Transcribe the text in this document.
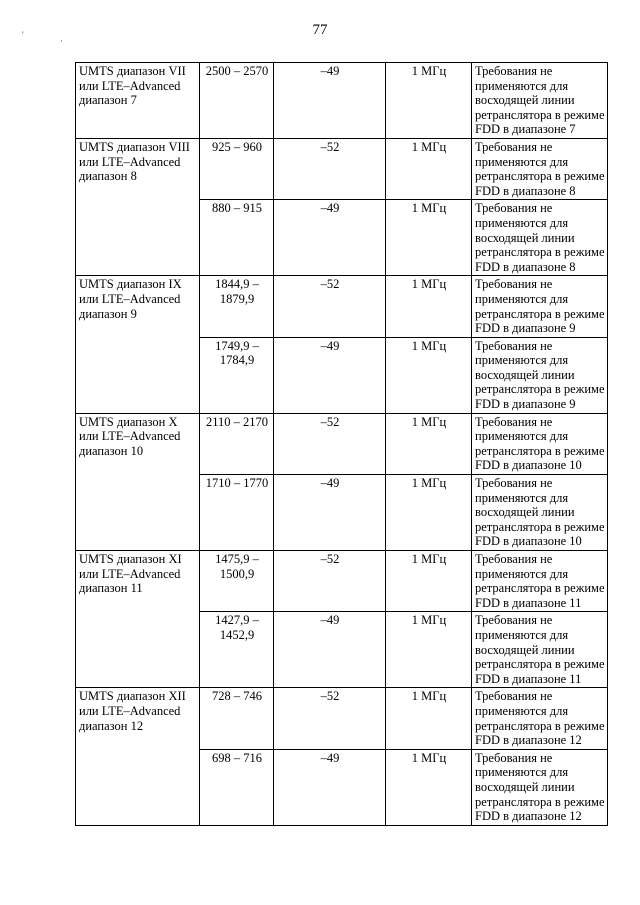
'
·
77
UMTS диапазон VII или LTE–Advanced диапазон 7	2500 – 2570	–49	1 МГц	Требования не применяются для восходящей линии ретранслятора в режиме FDD в диапазоне 7
UMTS диапазон VIII или LTE–Advanced диапазон 8	925 – 960	–52	1 МГц	Требования не применяются для ретранслятора в режиме FDD в диапазоне 8
	880 – 915	–49	1 МГц	Требования не применяются для восходящей линии ретранслятора в режиме FDD в диапазоне 8
UMTS диапазон IX или LTE–Advanced диапазон 9	1844,9 – 1879,9	–52	1 МГц	Требования не применяются для ретранслятора в режиме FDD в диапазоне 9
	1749,9 – 1784,9	–49	1 МГц	Требования не применяются для восходящей линии ретранслятора в режиме FDD в диапазоне 9
UMTS диапазон X или LTE–Advanced диапазон 10	2110 – 2170	–52	1 МГц	Требования не применяются для ретранслятора в режиме FDD в диапазоне 10
	1710 – 1770	–49	1 МГц	Требования не применяются для восходящей линии ретранслятора в режиме FDD в диапазоне 10
UMTS диапазон XI или LTE–Advanced диапазон 11	1475,9 – 1500,9	–52	1 МГц	Требования не применяются для ретранслятора в режиме FDD в диапазоне 11
	1427,9 – 1452,9	–49	1 МГц	Требования не применяются для восходящей линии ретранслятора в режиме FDD в диапазоне 11
UMTS диапазон XII или LTE–Advanced диапазон 12	728 – 746	–52	1 МГц	Требования не применяются для ретранслятора в режиме FDD в диапазоне 12
	698 – 716	–49	1 МГц	Требования не применяются для восходящей линии ретранслятора в режиме FDD в диапазоне 12
